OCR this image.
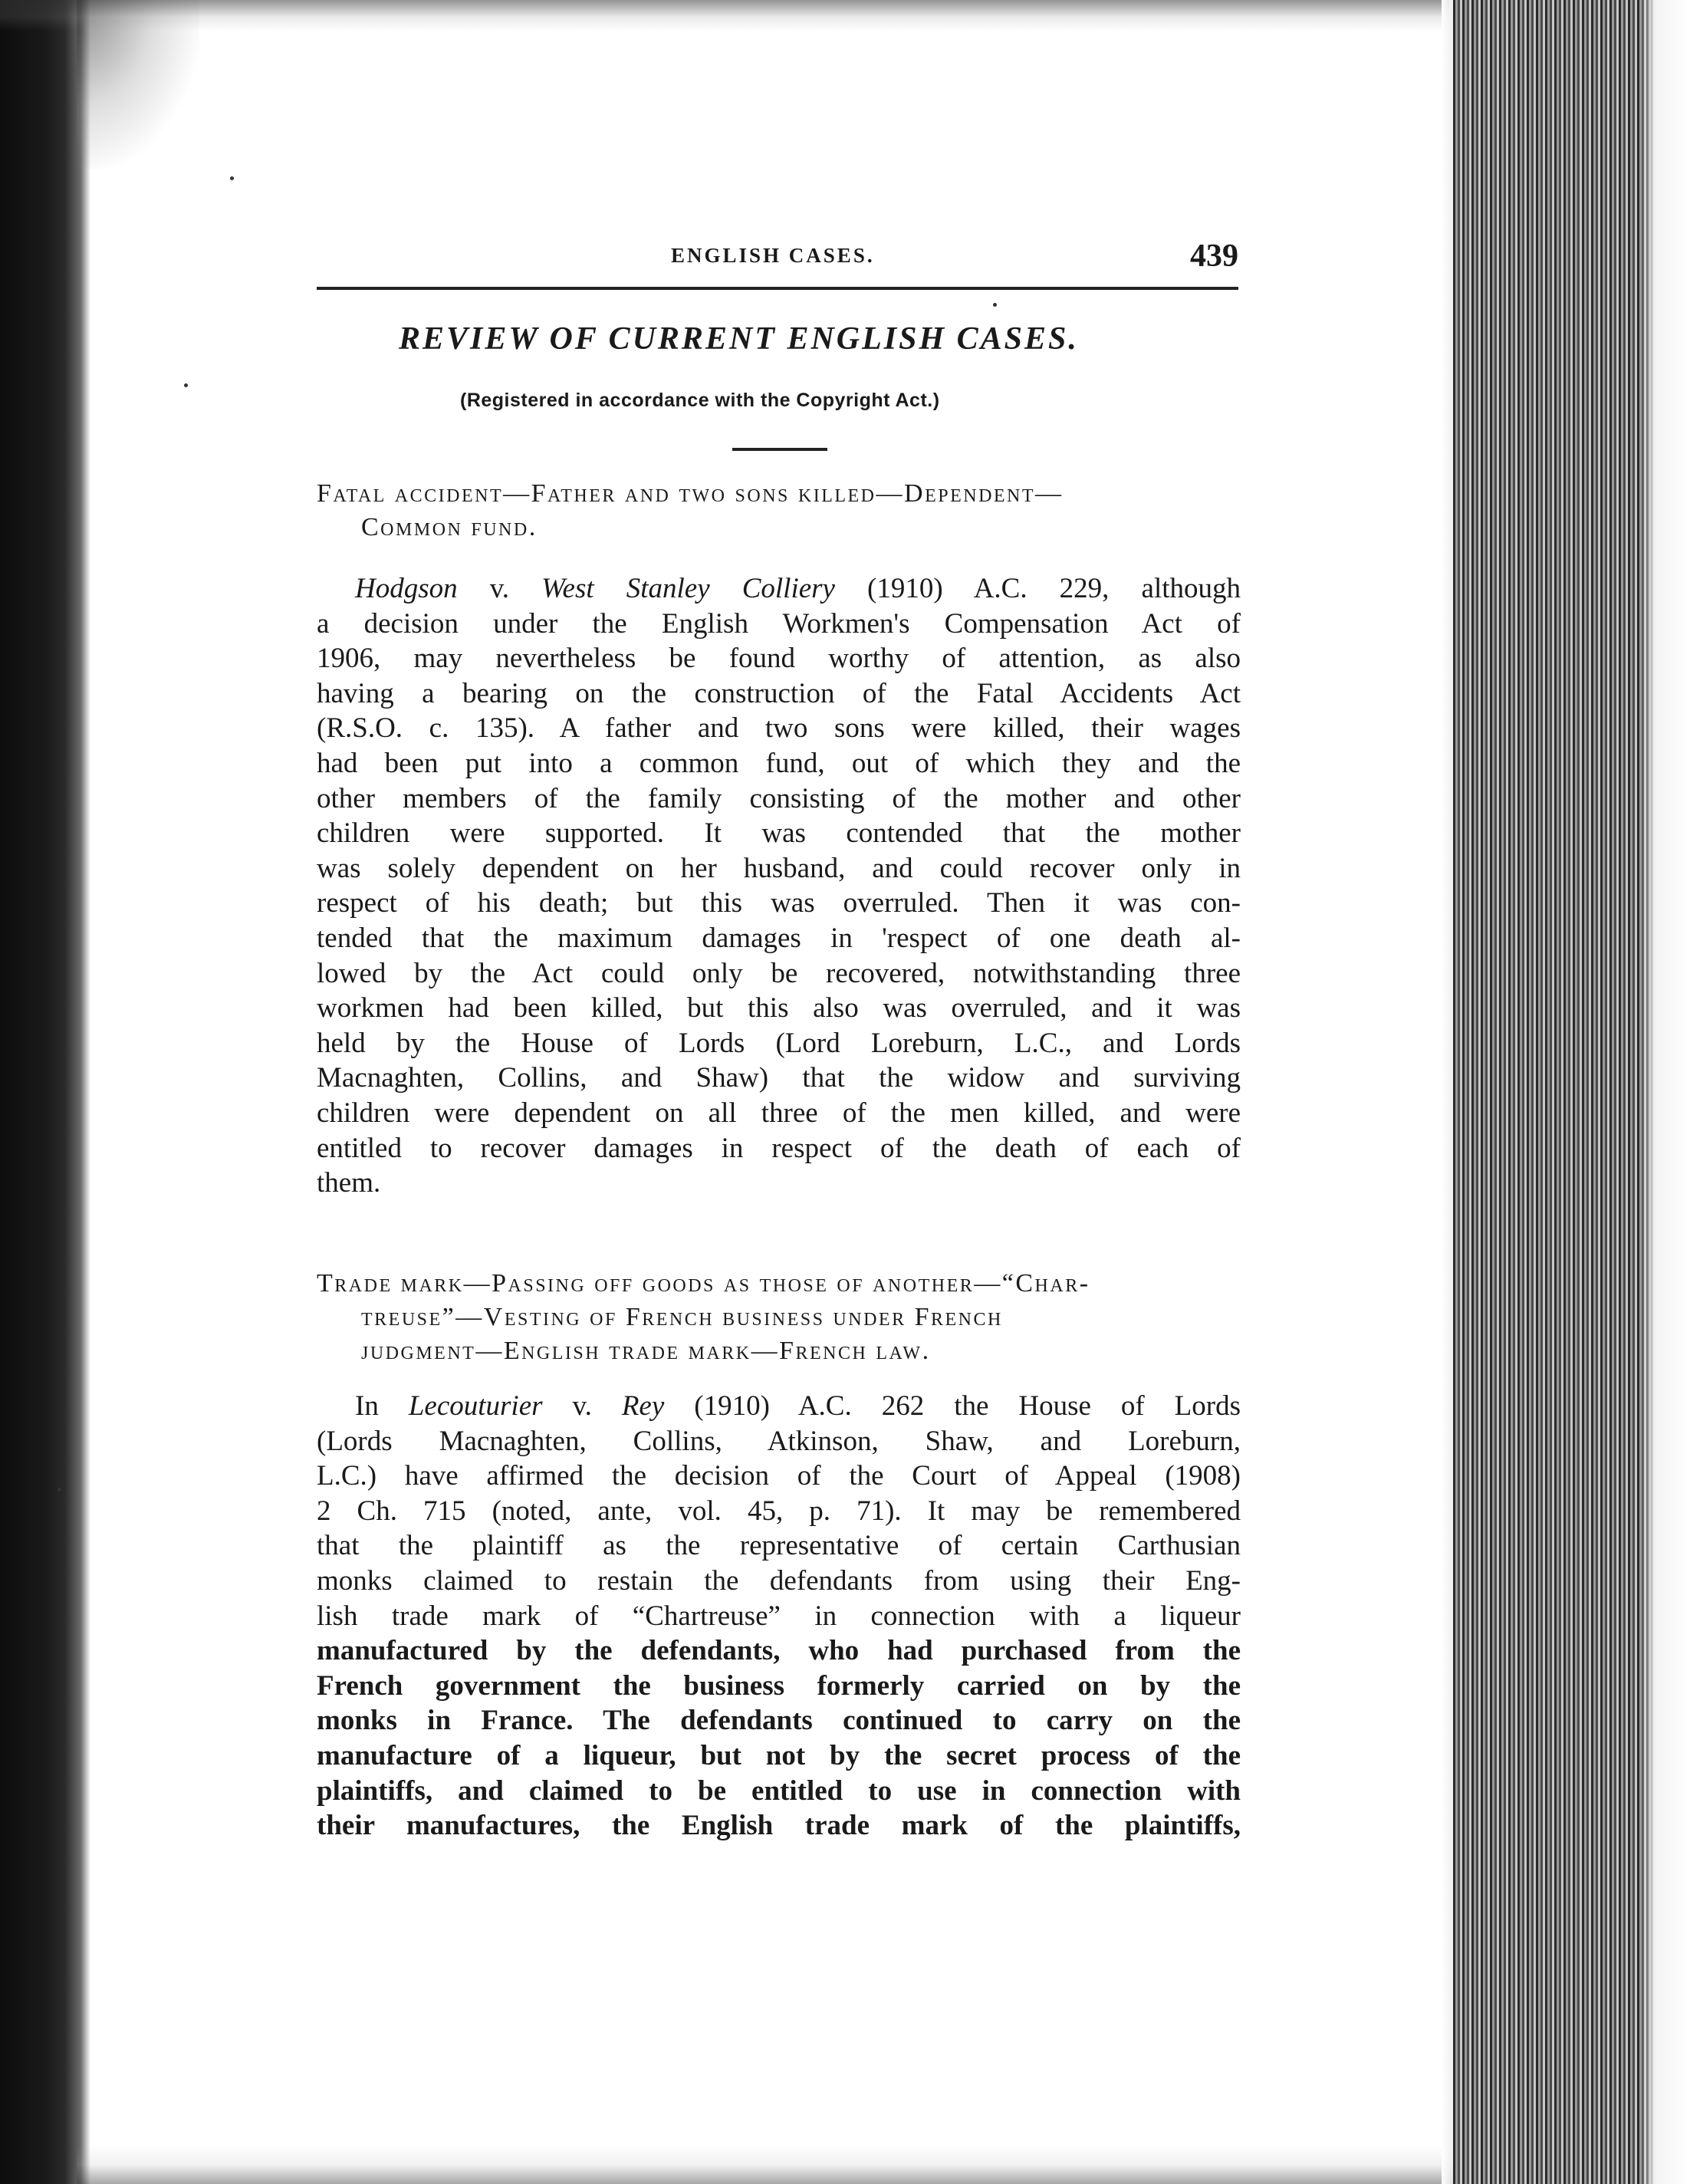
ENGLISH CASES.	439
REVIEW OF CURRENT ENGLISH CASES.
(Registered in accordance with the Copyright Act.)
Fatal accident—Father and two sons killed—Dependent—
Common fund.
Hodgson v. West Stanley Colliery (1910) A.C. 229, although
a decision under the English Workmen's Compensation Act of
1906, may nevertheless be found worthy of attention, as also
having a bearing on the construction of the Fatal Accidents Act
(R.S.O. c. 135). A father and two sons were killed, their wages
had been put into a common fund, out of which they and the
other members of the family consisting of the mother and other
children were supported. It was contended that the mother
was solely dependent on her husband, and could recover only in
respect of his death; but this was overruled. Then it was con-
tended that the maximum damages in 'respect of one death al-
lowed by the Act could only be recovered, notwithstanding three
workmen had been killed, but this also was overruled, and it was
held by the House of Lords (Lord Loreburn, L.C., and Lords
Macnaghten, Collins, and Shaw) that the widow and surviving
children were dependent on all three of the men killed, and were
entitled to recover damages in respect of the death of each of
them.
Trade mark—Passing off goods as those of another—“Char-
treuse”—Vesting of French business under French
judgment—English trade mark—French law.
In Lecouturier v. Rey (1910) A.C. 262 the House of Lords
(Lords Macnaghten, Collins, Atkinson, Shaw, and Loreburn,
L.C.) have affirmed the decision of the Court of Appeal (1908)
2 Ch. 715 (noted, ante, vol. 45, p. 71). It may be remembered
that the plaintiff as the representative of certain Carthusian
monks claimed to restain the defendants from using their Eng-
lish trade mark of “Chartreuse” in connection with a liqueur
manufactured by the defendants, who had purchased from the
French government the business formerly carried on by the
monks in France. The defendants continued to carry on the
manufacture of a liqueur, but not by the secret process of the
plaintiffs, and claimed to be entitled to use in connection with
their manufactures, the English trade mark of the plaintiffs,
